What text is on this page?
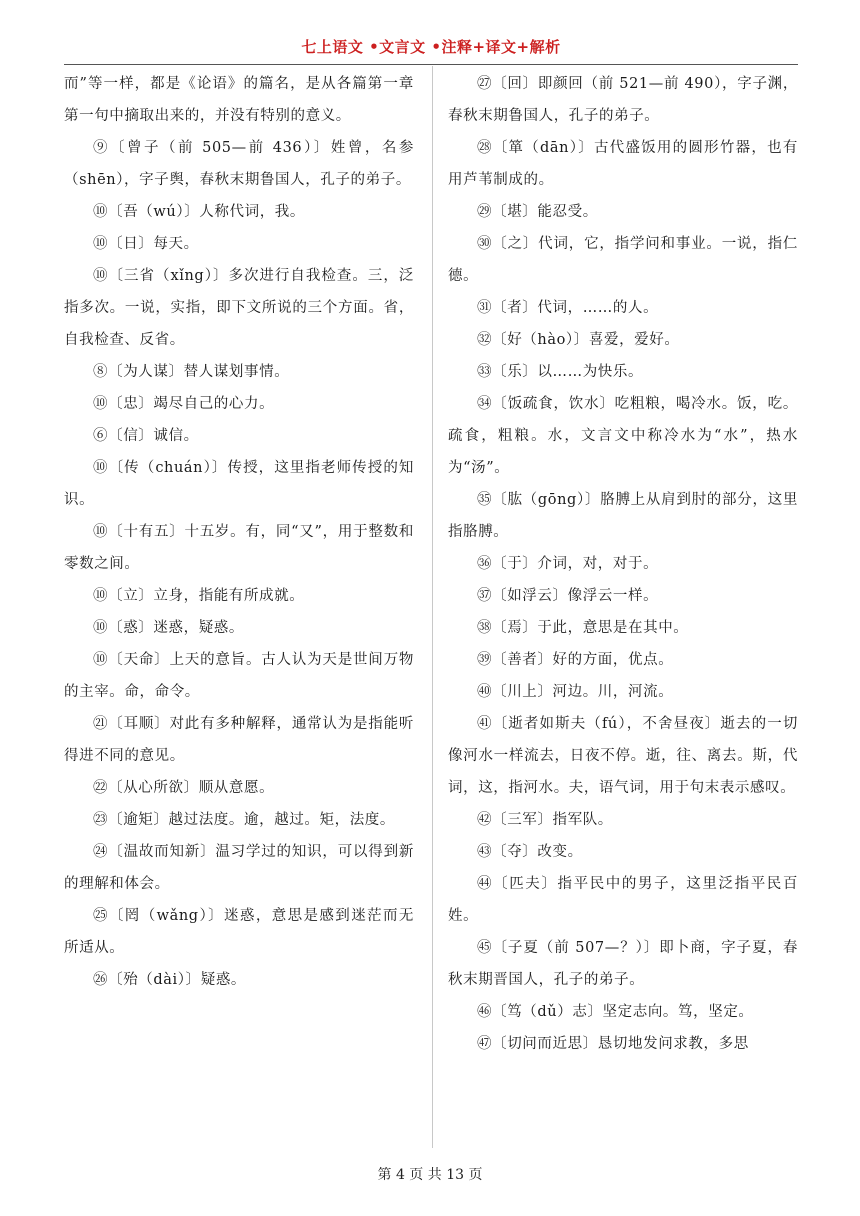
七上语文 •文言文 •注释+译文+解析

而”等一样，都是《论语》的篇名，是从各篇第一章第一句中摘取出来的，并没有特别的意义。

⑨〔曾子（前 505—前 436）〕姓曾，名参（shēn），字子舆，春秋末期鲁国人，孔子的弟子。

⑩〔吾（wú）〕人称代词，我。

⑩〔日〕每天。

⑩〔三省（xǐng）〕多次进行自我检查。三，泛指多次。一说，实指，即下文所说的三个方面。省，自我检查、反省。

⑧〔为人谋〕替人谋划事情。

⑩〔忠〕竭尽自己的心力。

⑥〔信〕诚信。

⑩〔传（chuán）〕传授，这里指老师传授的知识。

⑩〔十有五〕十五岁。有，同“又”，用于整数和零数之间。

⑩〔立〕立身，指能有所成就。

⑩〔惑〕迷惑，疑惑。

⑩〔天命〕上天的意旨。古人认为天是世间万物的主宰。命，命令。

㉑〔耳顺〕对此有多种解释，通常认为是指能听得进不同的意见。

㉒〔从心所欲〕顺从意愿。

㉓〔逾矩〕越过法度。逾，越过。矩，法度。

㉔〔温故而知新〕温习学过的知识，可以得到新的理解和体会。

㉕〔罔（wǎng）〕迷惑，意思是感到迷茫而无所适从。

㉖〔殆（dài）〕疑惑。

㉗〔回〕即颜回（前 521—前 490），字子渊，春秋末期鲁国人，孔子的弟子。

㉘〔箪（dān）〕古代盛饭用的圆形竹器，也有用芦苇制成的。

㉙〔堪〕能忍受。

㉚〔之〕代词，它，指学问和事业。一说，指仁德。

㉛〔者〕代词，……的人。

㉜〔好（hào）〕喜爱，爱好。

㉝〔乐〕以……为快乐。

㉞〔饭疏食，饮水〕吃粗粮，喝冷水。饭，吃。疏食，粗粮。水，文言文中称冷水为“水”，热水为“汤”。

㉟〔肱（gōng）〕胳膊上从肩到肘的部分，这里指胳膊。

㊱〔于〕介词，对，对于。

㊲〔如浮云〕像浮云一样。

㊳〔焉〕于此，意思是在其中。

㊴〔善者〕好的方面，优点。

㊵〔川上〕河边。川，河流。

㊶〔逝者如斯夫（fú），不舍昼夜〕逝去的一切像河水一样流去，日夜不停。逝，往、离去。斯，代词，这，指河水。夫，语气词，用于句末表示感叹。

㊷〔三军〕指军队。

㊸〔夺〕改变。

㊹〔匹夫〕指平民中的男子，这里泛指平民百姓。

㊺〔子夏（前 507—？）〕即卜商，字子夏，春秋末期晋国人，孔子的弟子。

㊻〔笃（dǔ）志〕坚定志向。笃，坚定。

㊼〔切问而近思〕恳切地发问求教，多思

第 4 页 共 13 页
